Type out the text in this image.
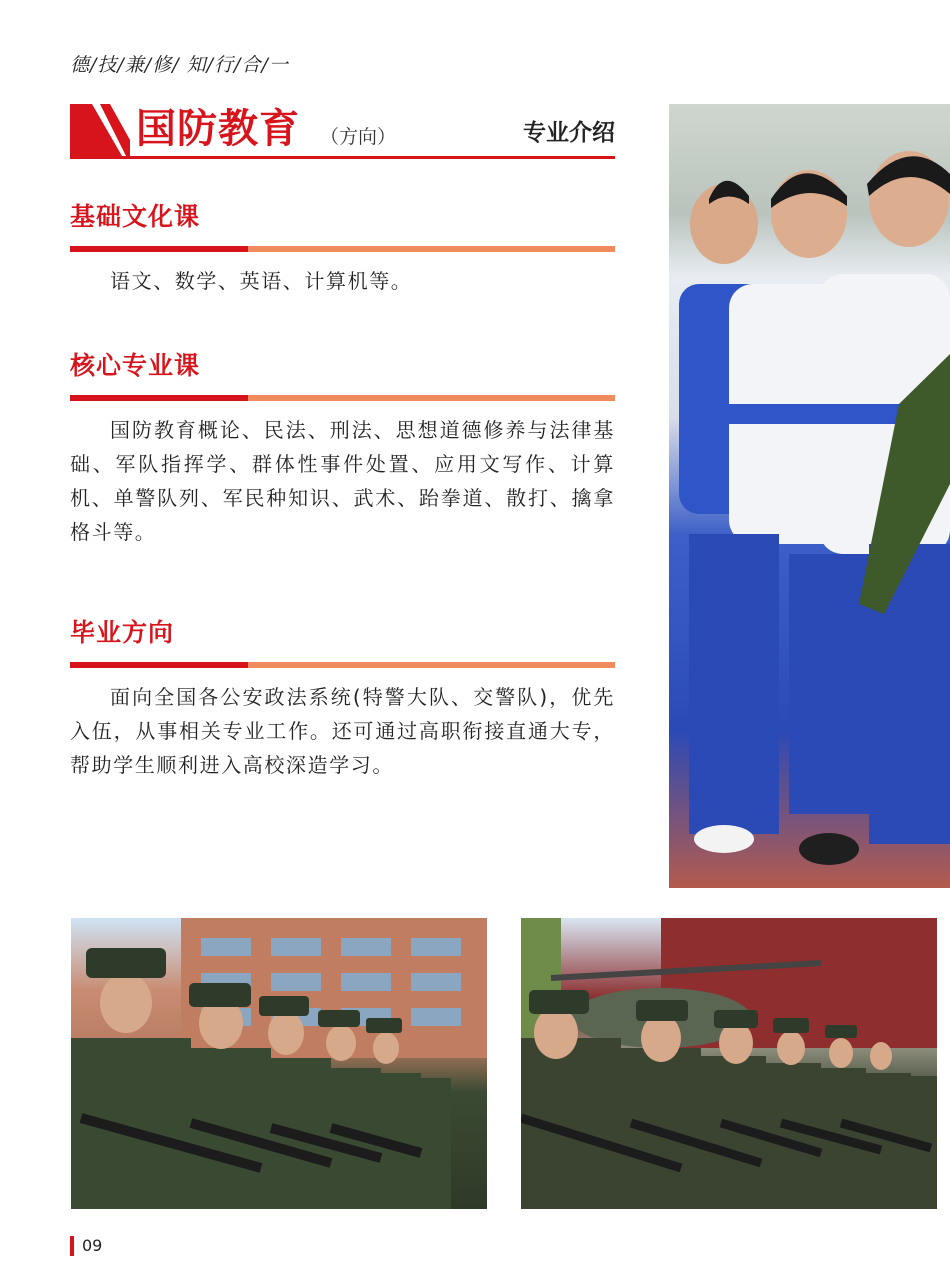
德/技/兼/修/ 知/行/合/一
国防教育 （方向）	专业介绍
基础文化课

语文、数学、英语、计算机等。

核心专业课

国防教育概论、民法、刑法、思想道德修养与法律基础、军队指挥学、群体性事件处置、应用文写作、计算机、单警队列、军民种知识、武术、跆拳道、散打、擒拿格斗等。

毕业方向

面向全国各公安政法系统(特警大队、交警队)，优先入伍，从事相关专业工作。还可通过高职衔接直通大专，帮助学生顺利进入高校深造学习。

09
